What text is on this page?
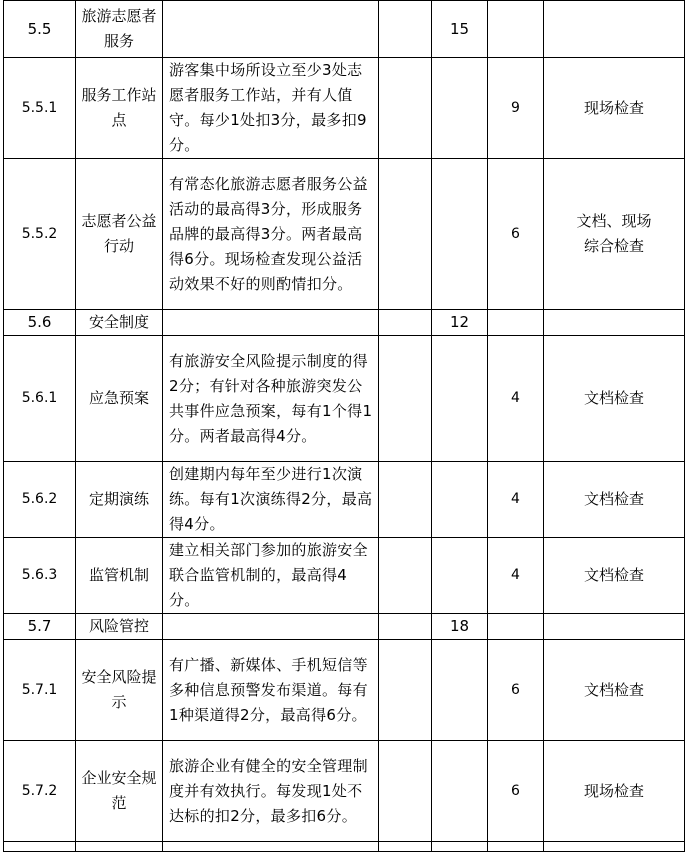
5.5	旅游志愿者服务			15		
5.5.1	服务工作站点	游客集中场所设立至少3处志愿者服务工作站，并有人值守。每少1处扣3分，最多扣9分。			9	现场检查
5.5.2	志愿者公益行动	有常态化旅游志愿者服务公益活动的最高得3分，形成服务品牌的最高得3分。两者最高得6分。现场检查发现公益活动效果不好的则酌情扣分。			6	文档、现场综合检查
5.6	安全制度			12		
5.6.1	应急预案	有旅游安全风险提示制度的得2分；有针对各种旅游突发公共事件应急预案，每有1个得1分。两者最高得4分。			4	文档检查
5.6.2	定期演练	创建期内每年至少进行1次演练。每有1次演练得2分，最高得4分。			4	文档检查
5.6.3	监管机制	建立相关部门参加的旅游安全联合监管机制的，最高得4分。			4	文档检查
5.7	风险管控			18		
5.7.1	安全风险提示	有广播、新媒体、手机短信等多种信息预警发布渠道。每有1种渠道得2分，最高得6分。			6	文档检查
5.7.2	企业安全规范	旅游企业有健全的安全管理制度并有效执行。每发现1处不达标的扣2分，最多扣6分。			6	现场检查
